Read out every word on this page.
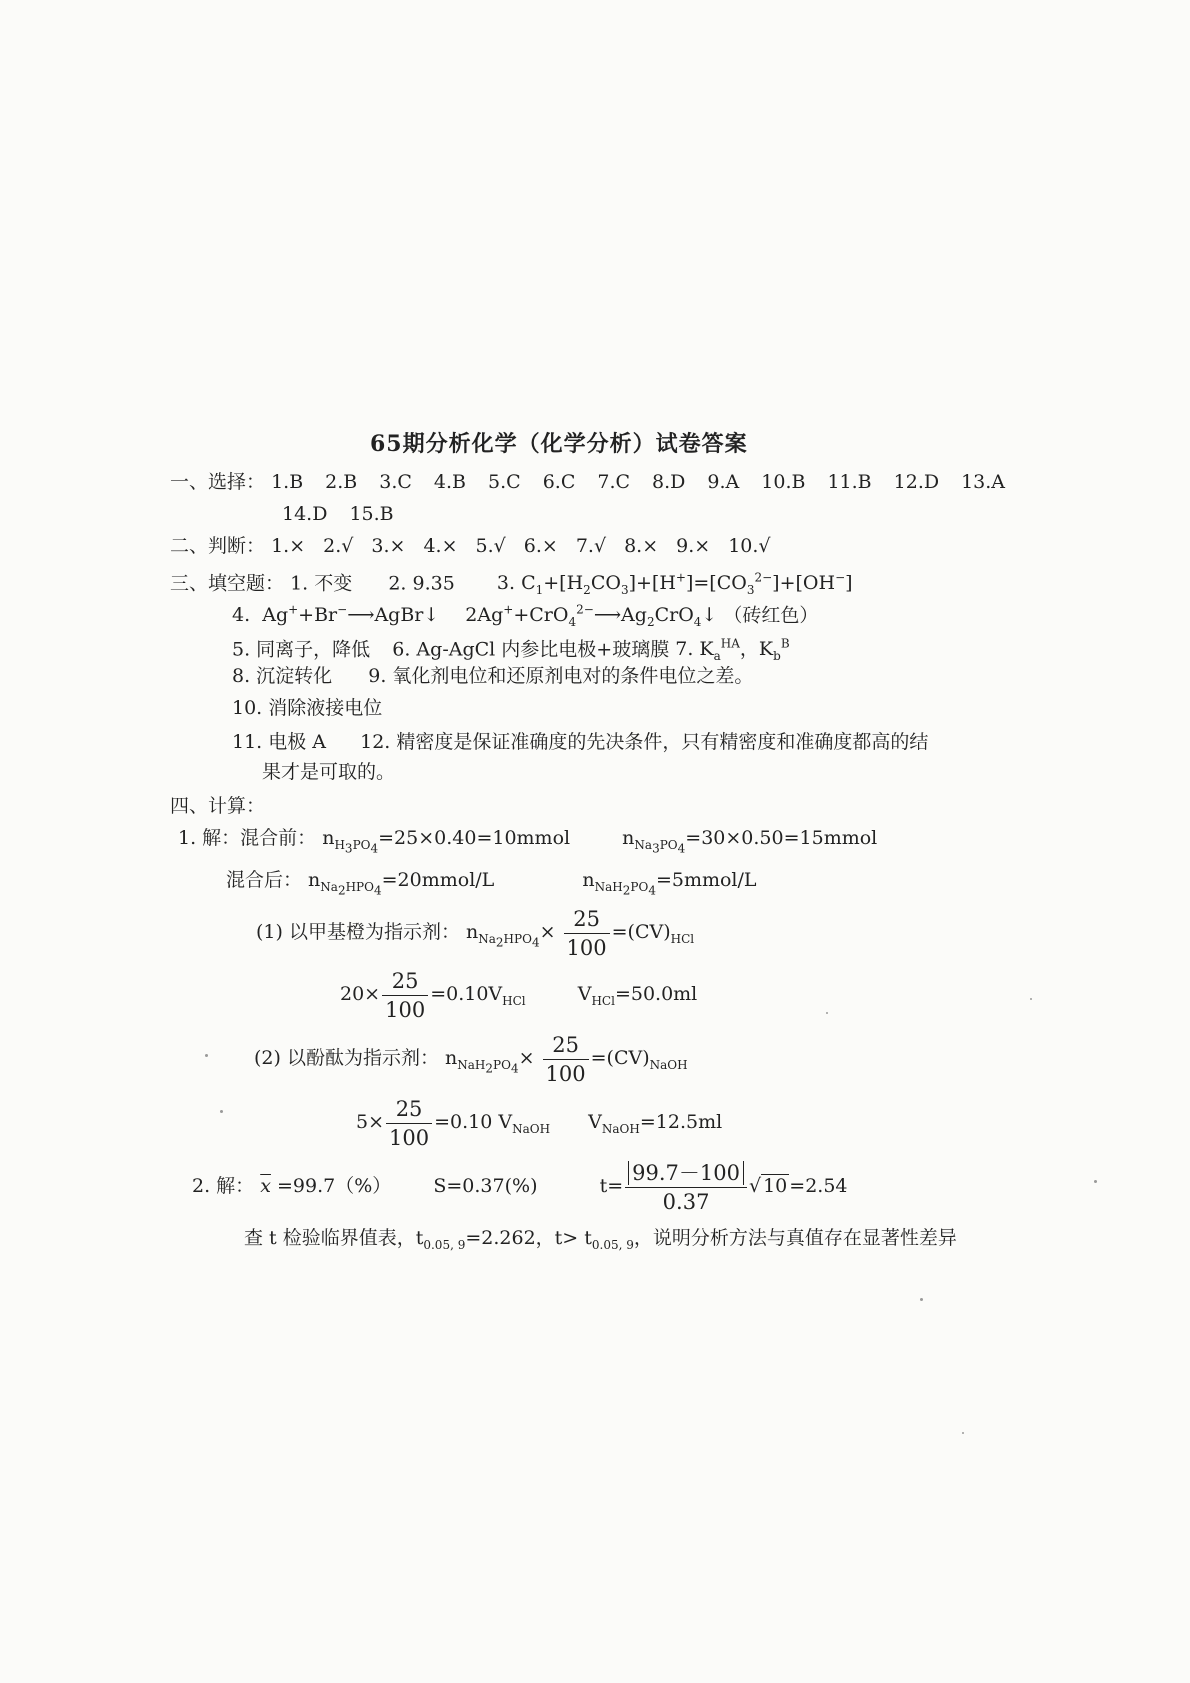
65期分析化学（化学分析）试卷答案
一、选择： 1.B 2.B 3.C 4.B 5.C 6.C 7.C 8.D 9.A 10.B 11.B 12.D 13.A
14.D 15.B
二、判断： 1.× 2.√ 3.× 4.× 5.√ 6.× 7.√ 8.× 9.× 10.√
三、填空题： 1. 不变 2. 9.35 3. $C_1+[H_2CO_3]+[H^+]=[CO_3^{2-}]+[OH^-]$
4.  Ag++Br−⟶AgBr↓ $2Ag^++CrO_4^{2-}⟶Ag_2CrO_4↓$ （砖红色）
5. 同离子，降低 6. Ag-AgCl 内参比电极+玻璃膜 7. $K_a^{HA}$，$K_b^B$
8. 沉淀转化 9. 氧化剂电位和还原剂电对的条件电位之差。
10. 消除液接电位
11. 电极 A 12. 精密度是保证准确度的先决条件，只有精密度和准确度都高的结
果才是可取的。
四、计算：
1. 解：混合前： $n_{H_3PO_4}=25\times 0.40=10mmol$  $n_{Na_3PO_4}=30\times 0.50=15mmol$
混合后： $n_{Na_2HPO_4}=20mmol/L$	$n_{NaH_2PO_4}=5mmol/L$
(1) 以甲基橙为指示剂： $n_{Na_2HPO_4}\times \frac{25}{100} =(CV)_{HCl}$
$20\times \frac{25}{100} =0.10V_{HCl}$  $V_{HCl}=50.0ml$
(2) 以酚酞为指示剂： $n_{NaH_2PO_4}\times \frac{25}{100} =(CV)_{NaOH}$
$5\times \frac{25}{100} =0.10$ $V_{NaOH}$  $V_{NaOH}=12.5ml$
2. 解： $\overline{x} =99.7(\%)$ S=0.37(%)	$t= \frac{99.7-100}{0.37}$ √ 10 =2.54
查 t 检验临界值表，$t_{0.05, 9}=2.262$，$t> t_{0.05, 9}$，说明分析方法与真值存在显著性差异
